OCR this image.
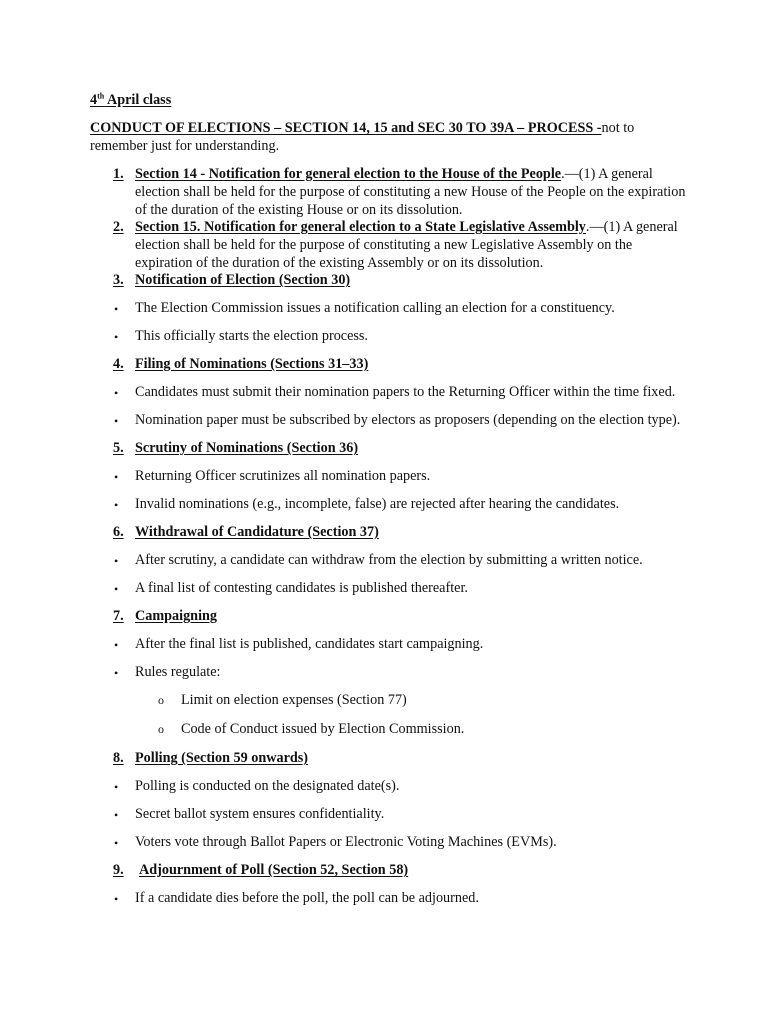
4th April class
CONDUCT OF ELECTIONS – SECTION 14, 15 and SEC 30 TO 39A – PROCESS -not to
remember just for understanding.
1. Section 14 - Notification for general election to the House of the People.—(1) A general
election shall be held for the purpose of constituting a new House of the People on the expiration
of the duration of the existing House or on its dissolution.
2. Section 15. Notification for general election to a State Legislative Assembly.—(1) A general
election shall be held for the purpose of constituting a new Legislative Assembly on the
expiration of the duration of the existing Assembly or on its dissolution.
3. Notification of Election (Section 30)
• The Election Commission issues a notification calling an election for a constituency.
• This officially starts the election process.
4. Filing of Nominations (Sections 31–33)
• Candidates must submit their nomination papers to the Returning Officer within the time fixed.
• Nomination paper must be subscribed by electors as proposers (depending on the election type).
5. Scrutiny of Nominations (Section 36)
• Returning Officer scrutinizes all nomination papers.
• Invalid nominations (e.g., incomplete, false) are rejected after hearing the candidates.
6. Withdrawal of Candidature (Section 37)
• After scrutiny, a candidate can withdraw from the election by submitting a written notice.
• A final list of contesting candidates is published thereafter.
7. Campaigning
• After the final list is published, candidates start campaigning.
• Rules regulate:
o Limit on election expenses (Section 77)
o Code of Conduct issued by Election Commission.
8. Polling (Section 59 onwards)
• Polling is conducted on the designated date(s).
• Secret ballot system ensures confidentiality.
• Voters vote through Ballot Papers or Electronic Voting Machines (EVMs).
9. Adjournment of Poll (Section 52, Section 58)
• If a candidate dies before the poll, the poll can be adjourned.
